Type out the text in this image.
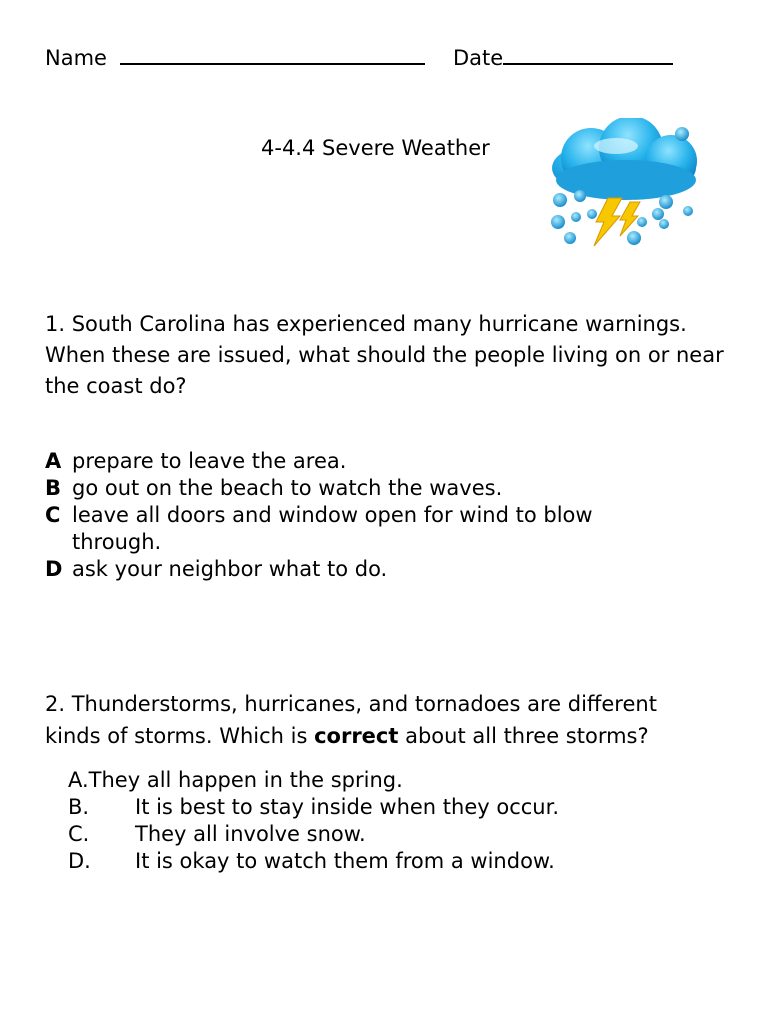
Name	Date
4-4.4 Severe Weather
1. South Carolina has experienced many hurricane warnings. When these are issued, what should the people living on or near the coast do?
A prepare to leave the area.
B go out on the beach to watch the waves.
C leave all doors and window open for wind to blow
through.
D ask your neighbor what to do.
2. Thunderstorms, hurricanes, and tornadoes are different
kinds of storms. Which is correct about all three storms?
A.They all happen in the spring.
B. It is best to stay inside when they occur.
C. They all involve snow.
D. It is okay to watch them from a window.
